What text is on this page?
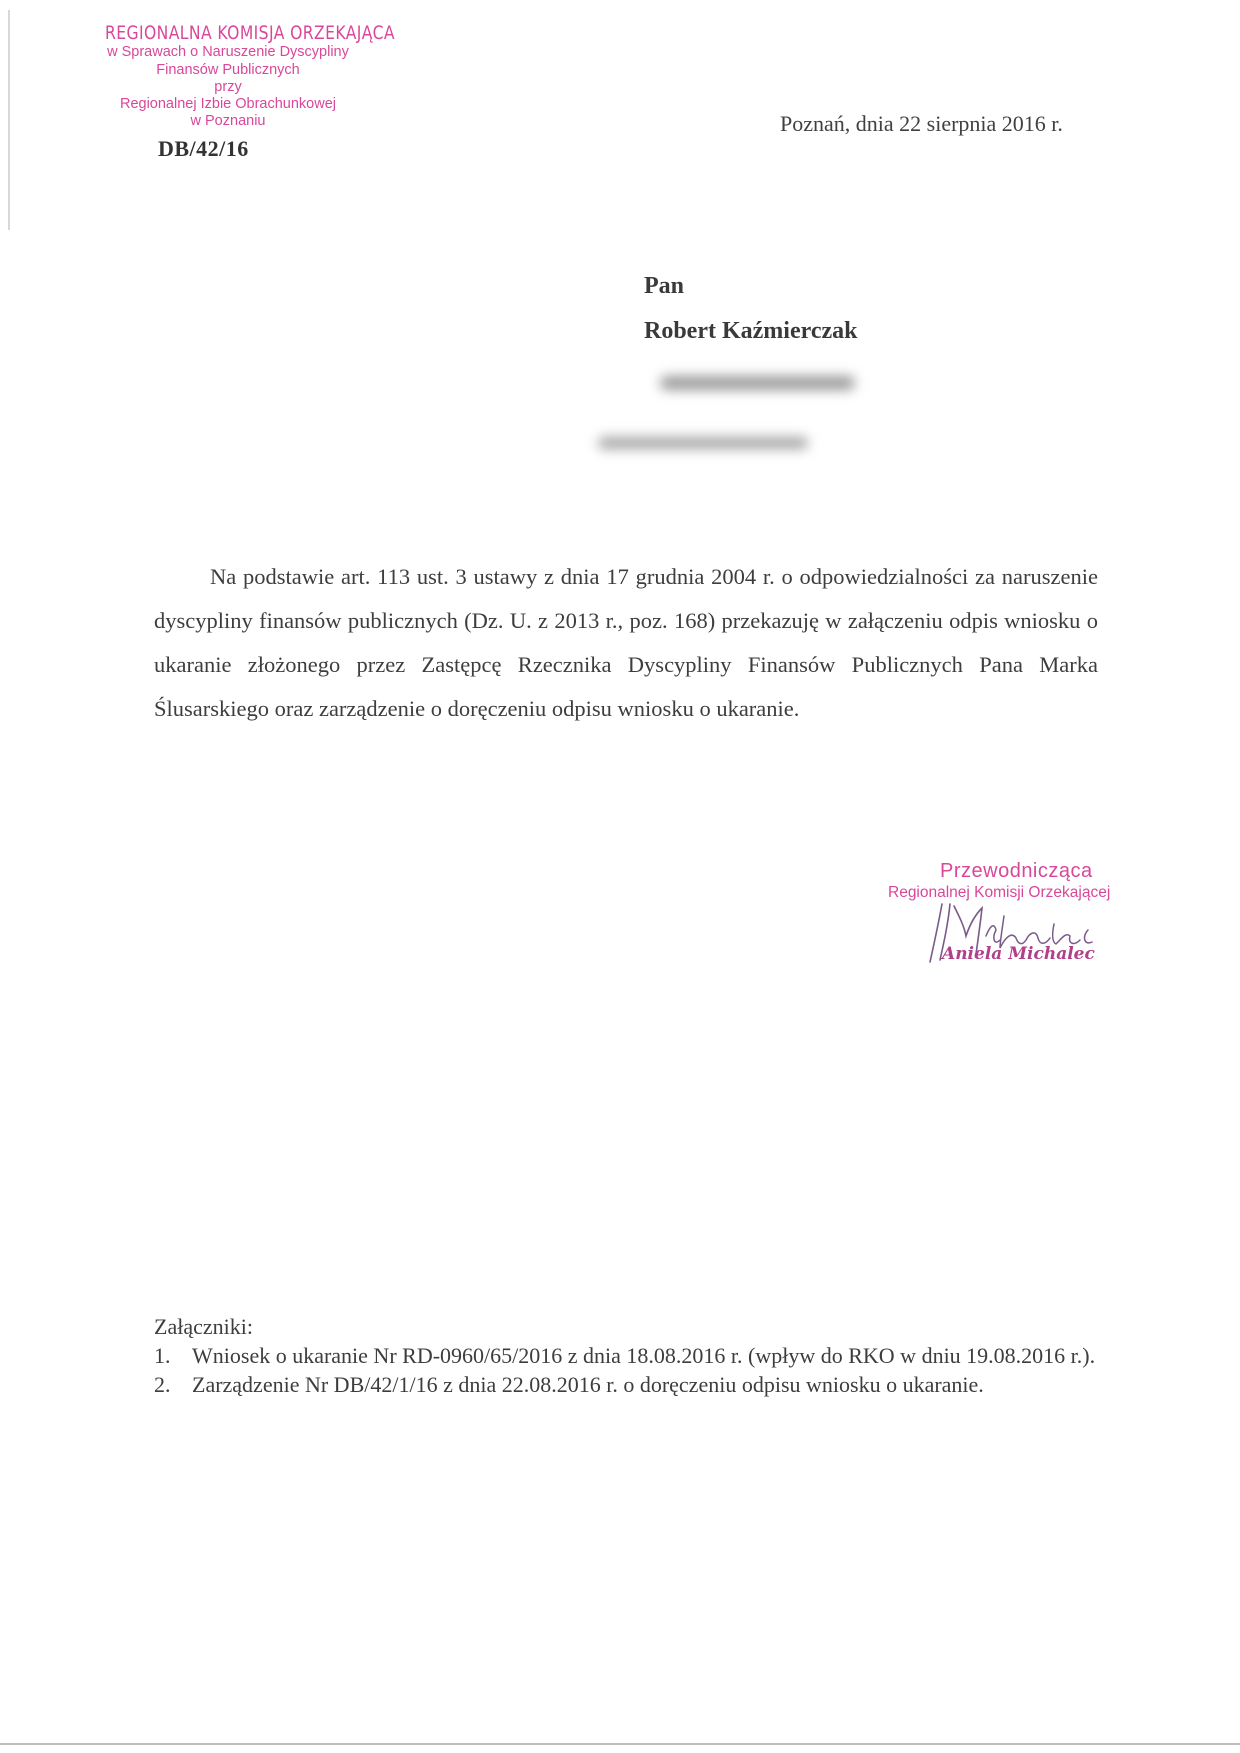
REGIONALNA KOMISJA ORZEKAJĄCA
w Sprawach o Naruszenie Dyscypliny
Finansów Publicznych
przy
Regionalnej Izbie Obrachunkowej
w Poznaniu
DB/42/16
Poznań, dnia 22 sierpnia 2016 r.
Pan
Robert Kaźmierczak

Na podstawie art. 113 ust. 3 ustawy z dnia 17 grudnia 2004 r. o odpowiedzialności za naruszenie dyscypliny finansów publicznych (Dz. U. z 2013 r., poz. 168) przekazuję w załączeniu odpis wniosku o ukaranie złożonego przez Zastępcę Rzecznika Dyscypliny Finansów Publicznych Pana Marka Ślusarskiego oraz zarządzenie o doręczeniu odpisu wniosku o ukaranie.

Przewodnicząca
Regionalnej Komisji Orzekającej
Aniela Michalec
Załączniki:
1. Wniosek o ukaranie Nr RD-0960/65/2016 z dnia 18.08.2016 r. (wpływ do RKO w dniu 19.08.2016 r.).
2. Zarządzenie Nr DB/42/1/16 z dnia 22.08.2016 r. o doręczeniu odpisu wniosku o ukaranie.
